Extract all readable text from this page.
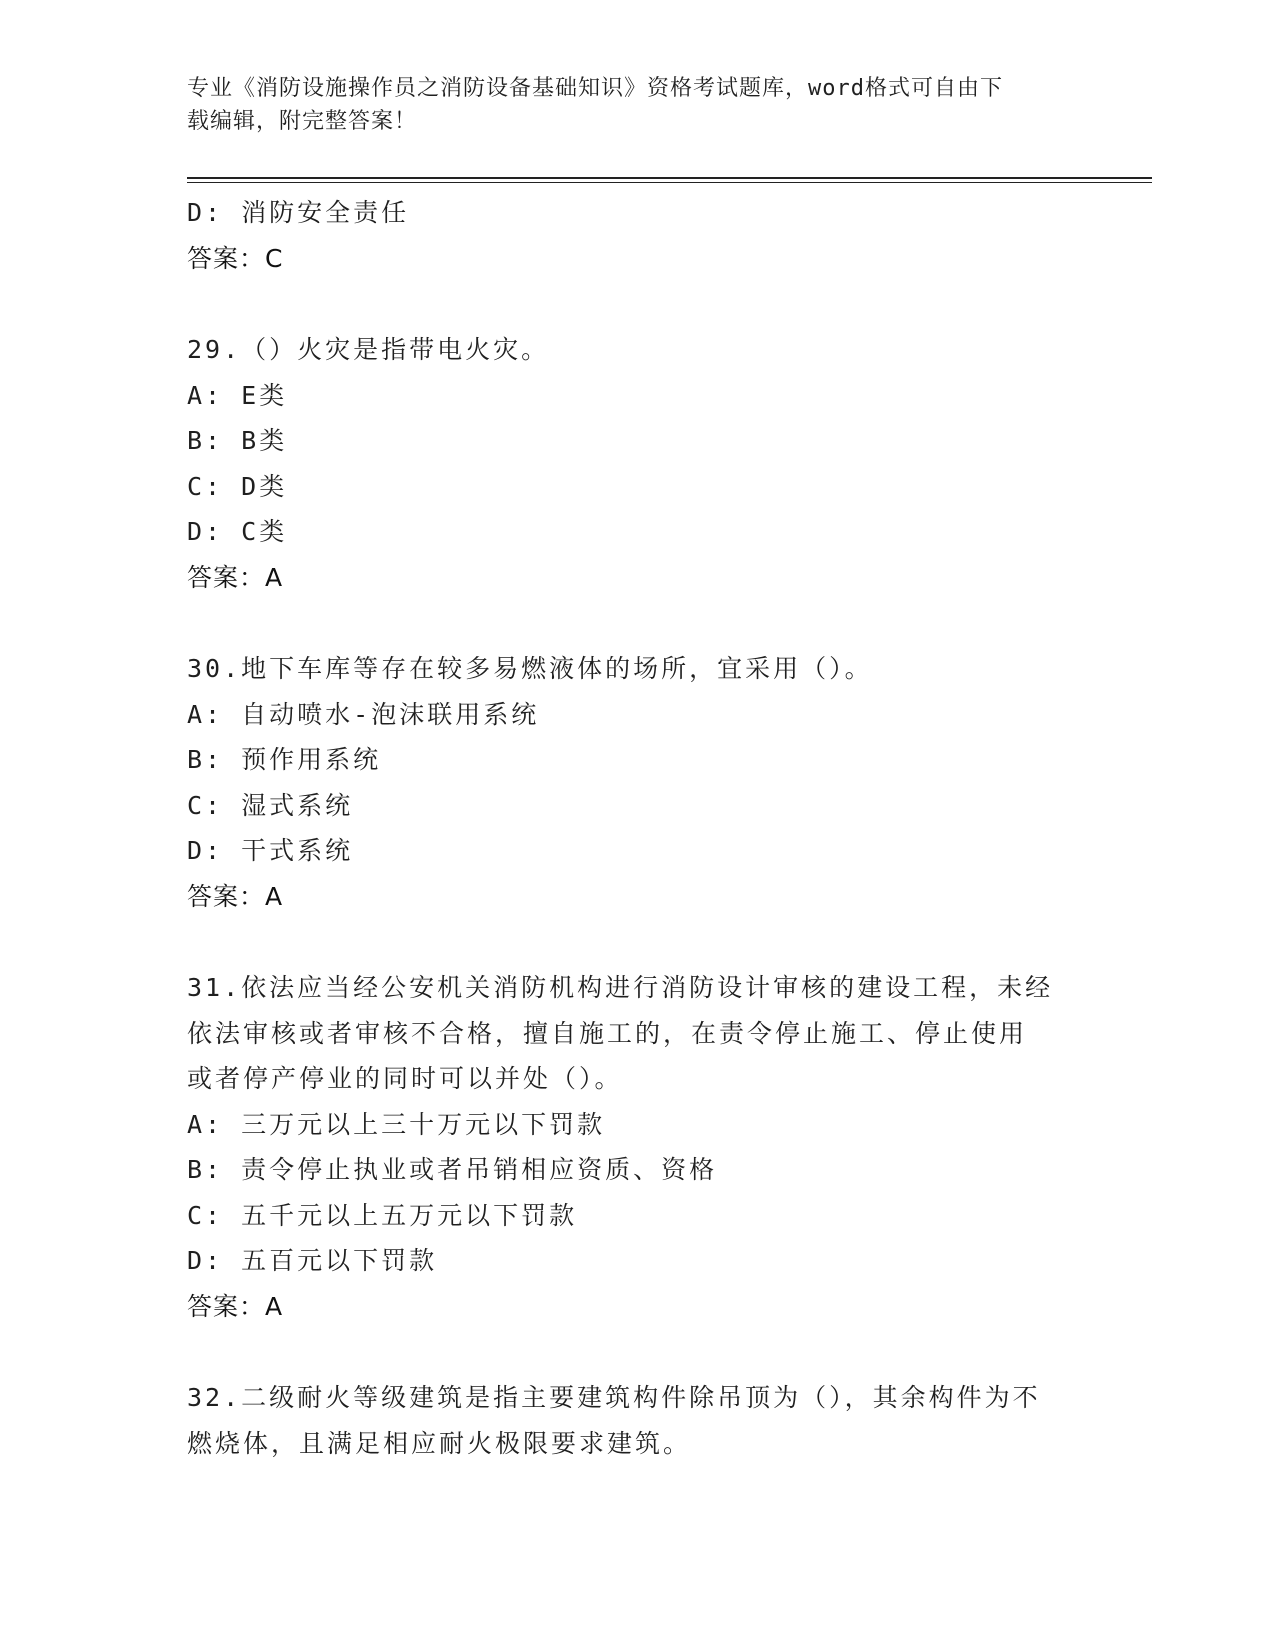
专业《消防设施操作员之消防设备基础知识》资格考试题库，word格式可自由下
载编辑，附完整答案！
D: 消防安全责任
答案：C
29.（）火灾是指带电火灾。
A: E类
B: B类
C: D类
D: C类
答案：A
30.地下车库等存在较多易燃液体的场所，宜采用（）。
A: 自动喷水-泡沫联用系统
B: 预作用系统
C: 湿式系统
D: 干式系统
答案：A
31.依法应当经公安机关消防机构进行消防设计审核的建设工程，未经
依法审核或者审核不合格，擅自施工的，在责令停止施工、停止使用
或者停产停业的同时可以并处（）。
A: 三万元以上三十万元以下罚款
B: 责令停止执业或者吊销相应资质、资格
C: 五千元以上五万元以下罚款
D: 五百元以下罚款
答案：A
32.二级耐火等级建筑是指主要建筑构件除吊顶为（），其余构件为不
燃烧体，且满足相应耐火极限要求建筑。
